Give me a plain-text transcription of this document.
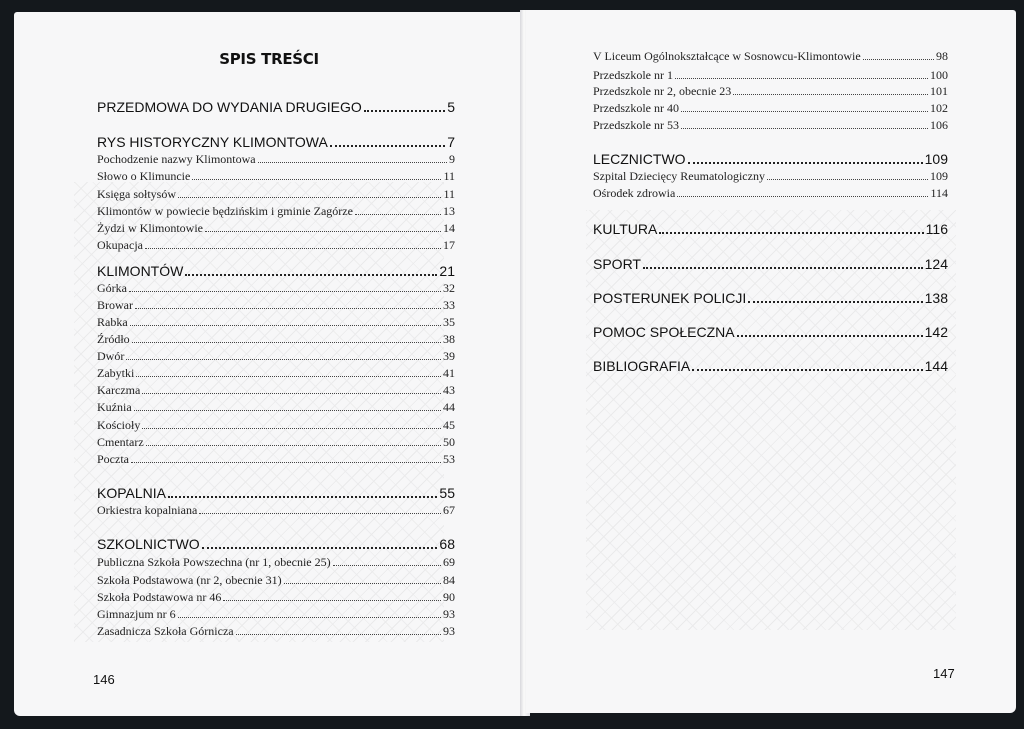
SPIS TREŚCI
PRZEDMOWA DO WYDANIA DRUGIEGO	5
RYS HISTORYCZNY KLIMONTOWA	7
Pochodzenie nazwy Klimontowa	9
Słowo o Klimuncie	11
Księga sołtysów	11
Klimontów w powiecie będzińskim i gminie Zagórze	13
Żydzi w Klimontowie	14
Okupacja	17
KLIMONTÓW	21
Górka	32
Browar	33
Rabka	35
Źródło	38
Dwór	39
Zabytki	41
Karczma	43
Kuźnia	44
Kościoły	45
Cmentarz	50
Poczta	53
KOPALNIA	55
Orkiestra kopalniana	67
SZKOLNICTWO	68
Publiczna Szkoła Powszechna (nr 1, obecnie 25)	69
Szkoła Podstawowa (nr 2, obecnie 31)	84
Szkoła Podstawowa nr 46	90
Gimnazjum nr 6	93
Zasadnicza Szkoła Górnicza	93
146
V Liceum Ogólnokształcące w Sosnowcu-Klimontowie	98
Przedszkole nr 1	100
Przedszkole nr 2, obecnie 23	101
Przedszkole nr 40	102
Przedszkole nr 53	106
LECZNICTWO	109
Szpital Dziecięcy Reumatologiczny	109
Ośrodek zdrowia	114
KULTURA	116
SPORT	124
POSTERUNEK POLICJI	138
POMOC SPOŁECZNA	142
BIBLIOGRAFIA	144
147
